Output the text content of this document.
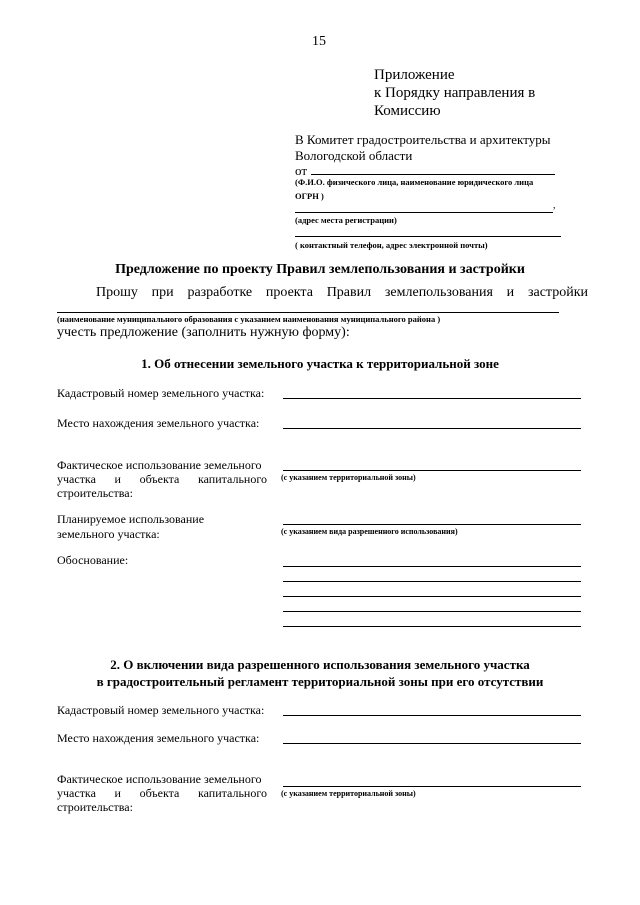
15
Приложение
к Порядку направления в
Комиссию
В Комитет градостроительства и архитектуры
Вологодской области
от
(Ф.И.О. физического лица, наименование юридического лица
ОГРН )
,
(адрес места регистрации)
( контактный телефон, адрес электронной почты)
Предложение по проекту Правил землепользования и застройки
Прошу при разработке проекта Правил землепользования и застройки
(наименование муниципального образования с указанием наименования муниципального района )
учесть предложение (заполнить нужную форму):
1. Об отнесении земельного участка к территориальной зоне
Кадастровый номер земельного участка:
Место нахождения земельного участка:
Фактическое использование земельного
участка и объекта капитального
строительства:
(с указанием территориальной зоны)
Планируемое использование
земельного участка:	(с указанием вида разрешенного использования)
Обоснование:
2. О включении вида разрешенного использования земельного участка
в градостроительный регламент территориальной зоны при его отсутствии
Кадастровый номер земельного участка:
Место нахождения земельного участка:
Фактическое использование земельного
участка и объекта капитального
строительства:
(с указанием территориальной зоны)
